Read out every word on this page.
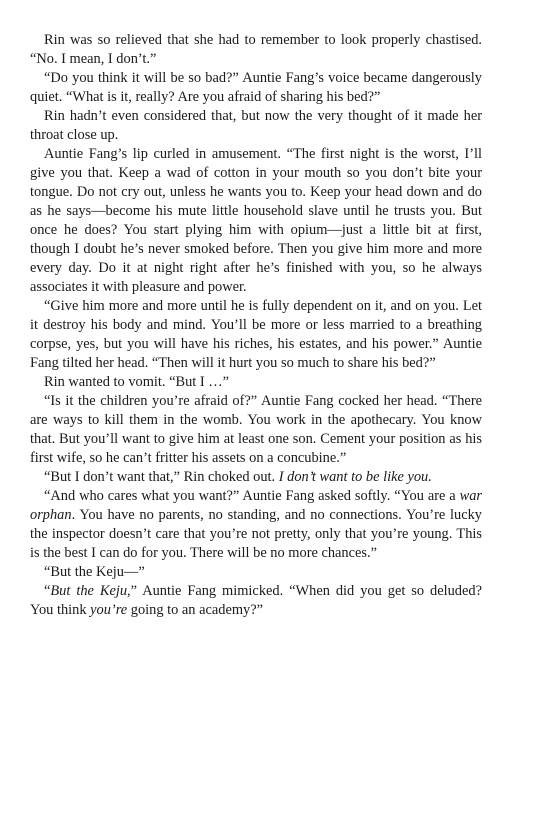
Rin was so relieved that she had to remember to look properly chastised. “No. I mean, I don’t.”

“Do you think it will be so bad?” Auntie Fang’s voice became dangerously quiet. “What is it, really? Are you afraid of sharing his bed?”

Rin hadn’t even considered that, but now the very thought of it made her throat close up.

Auntie Fang’s lip curled in amusement. “The first night is the worst, I’ll give you that. Keep a wad of cotton in your mouth so you don’t bite your tongue. Do not cry out, unless he wants you to. Keep your head down and do as he says—become his mute little household slave until he trusts you. But once he does? You start plying him with opium—just a little bit at first, though I doubt he’s never smoked before. Then you give him more and more every day. Do it at night right after he’s finished with you, so he always associates it with pleasure and power.

“Give him more and more until he is fully dependent on it, and on you. Let it destroy his body and mind. You’ll be more or less married to a breathing corpse, yes, but you will have his riches, his estates, and his power.” Auntie Fang tilted her head. “Then will it hurt you so much to share his bed?”

Rin wanted to vomit. “But I …”

“Is it the children you’re afraid of?” Auntie Fang cocked her head. “There are ways to kill them in the womb. You work in the apothecary. You know that. But you’ll want to give him at least one son. Cement your position as his first wife, so he can’t fritter his assets on a concubine.”

“But I don’t want that,” Rin choked out. I don’t want to be like you.

“And who cares what you want?” Auntie Fang asked softly. “You are a war orphan. You have no parents, no standing, and no connections. You’re lucky the inspector doesn’t care that you’re not pretty, only that you’re young. This is the best I can do for you. There will be no more chances.”

“But the Keju—”

“But the Keju,” Auntie Fang mimicked. “When did you get so deluded? You think you’re going to an academy?”
